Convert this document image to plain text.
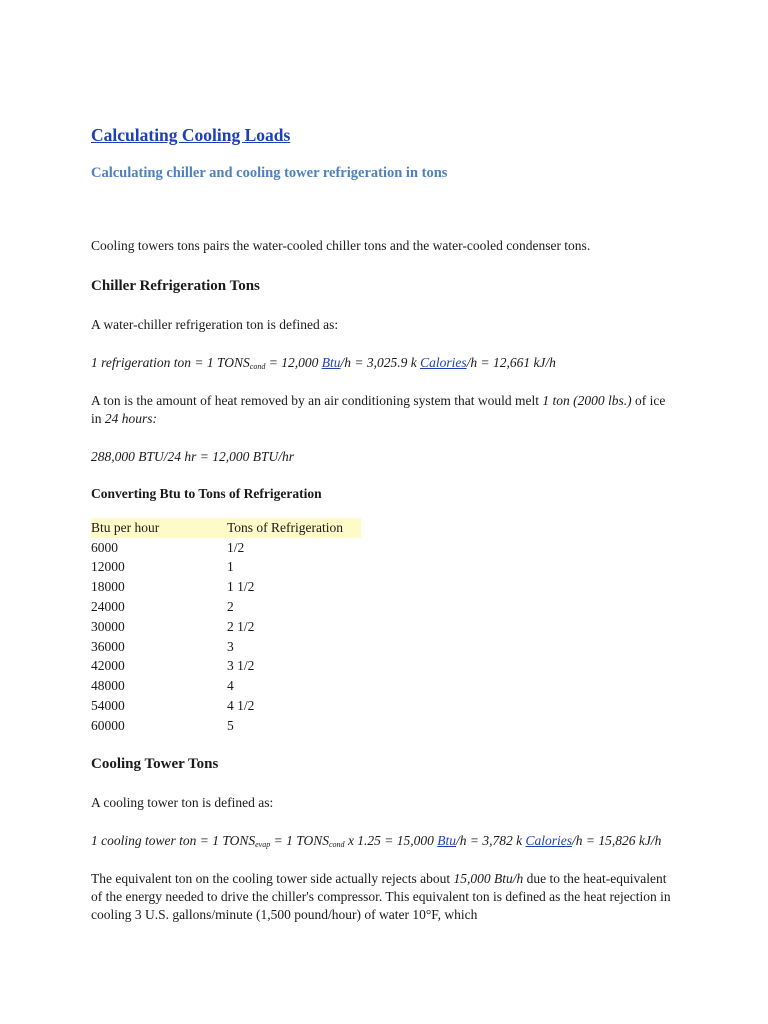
Calculating Cooling Loads
Calculating chiller and cooling tower refrigeration in tons

Cooling towers tons pairs the water-cooled chiller tons and the water-cooled condenser tons.

Chiller Refrigeration Tons

A water-chiller refrigeration ton is defined as:

1 refrigeration ton = 1 $TONS_{cond} = 12,000$ Btu/h = 3,025.9 k Calories/h = 12,661 kJ/h

A ton is the amount of heat removed by an air conditioning system that would melt 1 ton (2000 lbs.) of ice in 24 hours:

288,000 BTU/24 hr = 12,000 BTU/hr

Converting Btu to Tons of Refrigeration
Btu per hour	Tons of Refrigeration
6000	1/2
12000	1
18000	1 1/2
24000	2
30000	2 1/2
36000	3
42000	3 1/2
48000	4
54000	4 1/2
60000	5
Cooling Tower Tons

A cooling tower ton is defined as:

1 cooling tower ton = 1 $TONS_{evap} = 1$ $TONS_{cond}$ x 1.25 = 15,000 Btu/h = 3,782 k Calories/h = 15,826 kJ/h

The equivalent ton on the cooling tower side actually rejects about 15,000 Btu/h due to the heat-equivalent of the energy needed to drive the chiller's compressor. This equivalent ton is defined as the heat rejection in cooling 3 U.S. gallons/minute (1,500 pound/hour) of water 10°F, which
